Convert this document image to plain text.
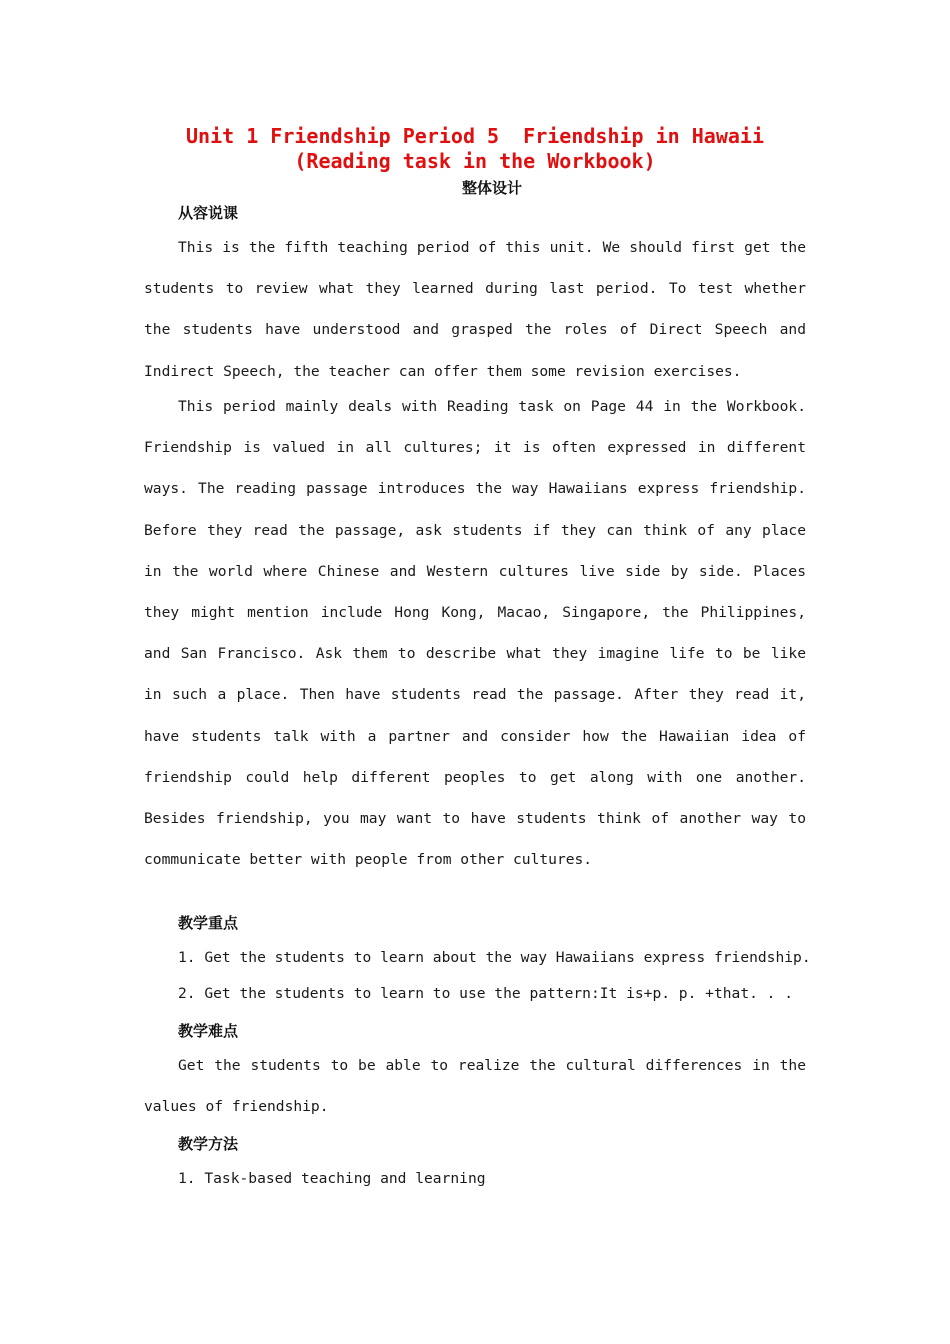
Unit 1 Friendship Period 5  Friendship in Hawaii
(Reading task in the Workbook)
整体设计
从容说课

This is the fifth teaching period of this unit. We should first get the students to review what they learned during last period. To test whether the students have understood and grasped the roles of Direct Speech and Indirect Speech, the teacher can offer them some revision exercises.

This period mainly deals with Reading task on Page 44 in the Workbook. Friendship is valued in all cultures; it is often expressed in different ways. The reading passage introduces the way Hawaiians express friendship. Before they read the passage, ask students if they can think of any place in the world where Chinese and Western cultures live side by side. Places they might mention include Hong Kong, Macao, Singapore, the Philippines, and San Francisco. Ask them to describe what they imagine life to be like in such a place. Then have students read the passage. After they read it, have students talk with a partner and consider how the Hawaiian idea of friendship could help different peoples to get along with one another. Besides friendship, you may want to have students think of another way to communicate better with people from other cultures.

教学重点
1. Get the students to learn about the way Hawaiians express friendship.
2. Get the students to learn to use the pattern:It is+p. p. +that. . .
教学难点

Get the students to be able to realize the cultural differences in the values of friendship.

教学方法
1. Task-based teaching and learning
